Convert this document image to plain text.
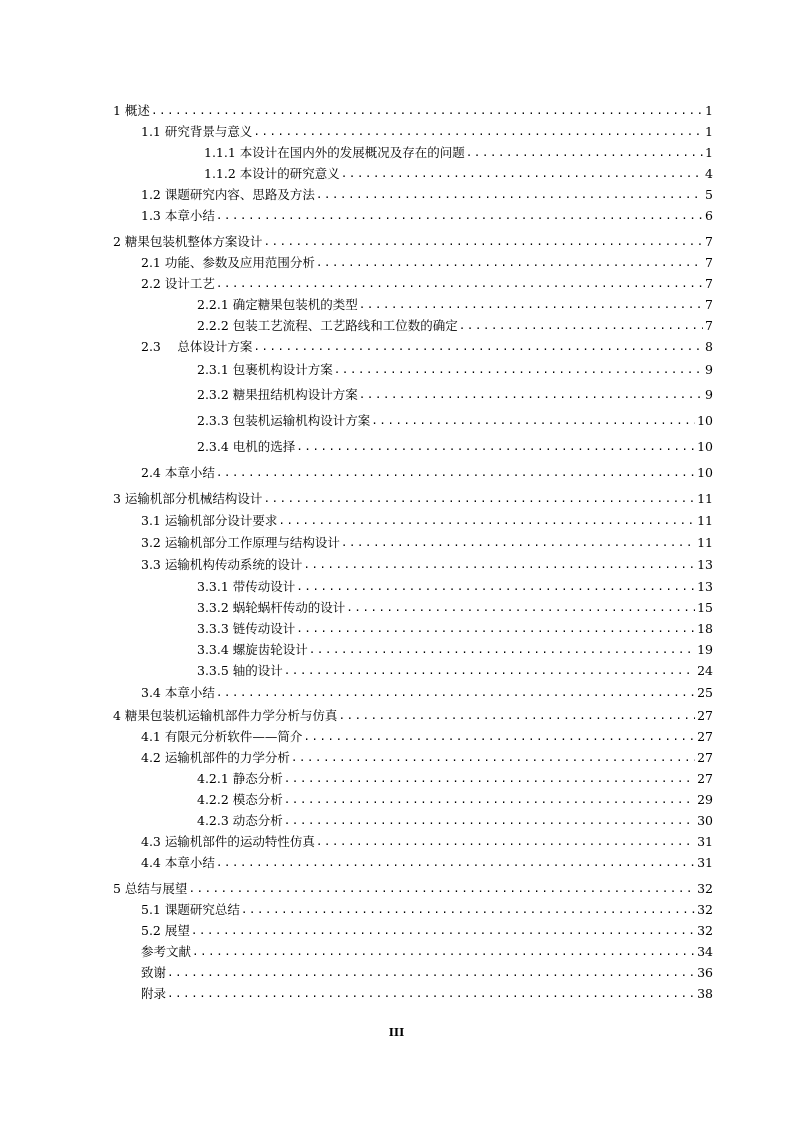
1 概述 .....	1
1.1 研究背景与意义 .....	1
1.1.1 本设计在国内外的发展概况及存在的问题 .....	1
1.1.2 本设计的研究意义 .....	4
1.2 课题研究内容、思路及方法 .....	5
1.3 本章小结 .....	6
2 糖果包装机整体方案设计 .....	7
2.1 功能、参数及应用范围分析 .....	7
2.2 设计工艺 .....	7
2.2.1 确定糖果包装机的类型 .....	7
2.2.2 包装工艺流程、工艺路线和工位数的确定 .....	7
2.3　 总体设计方案 .....	8
2.3.1 包裹机构设计方案 .....	9
2.3.2 糖果扭结机构设计方案 .....	9
2.3.3 包装机运输机构设计方案 .....	10
2.3.4 电机的选择 .....	10
2.4 本章小结 .....	10
3 运输机部分机械结构设计 .....	11
3.1 运输机部分设计要求 .....	11
3.2 运输机部分工作原理与结构设计 .....	11
3.3 运输机构传动系统的设计 .....	13
3.3.1 带传动设计 .....	13
3.3.2 蜗轮蜗杆传动的设计 .....	15
3.3.3 链传动设计 .....	18
3.3.4 螺旋齿轮设计 .....	19
3.3.5 轴的设计 .....	24
3.4 本章小结 .....	25
4 糖果包装机运输机部件力学分析与仿真 .....	27
4.1 有限元分析软件——简介 .....	27
4.2 运输机部件的力学分析 .....	27
4.2.1 静态分析 .....	27
4.2.2 模态分析 .....	29
4.2.3 动态分析 .....	30
4.3 运输机部件的运动特性仿真 .....	31
4.4 本章小结 .....	31
5 总结与展望 .....	32
5.1 课题研究总结 .....	32
5.2 展望 .....	32
参考文献 .....	34
致谢 .....	36
附录 .....	38
III
